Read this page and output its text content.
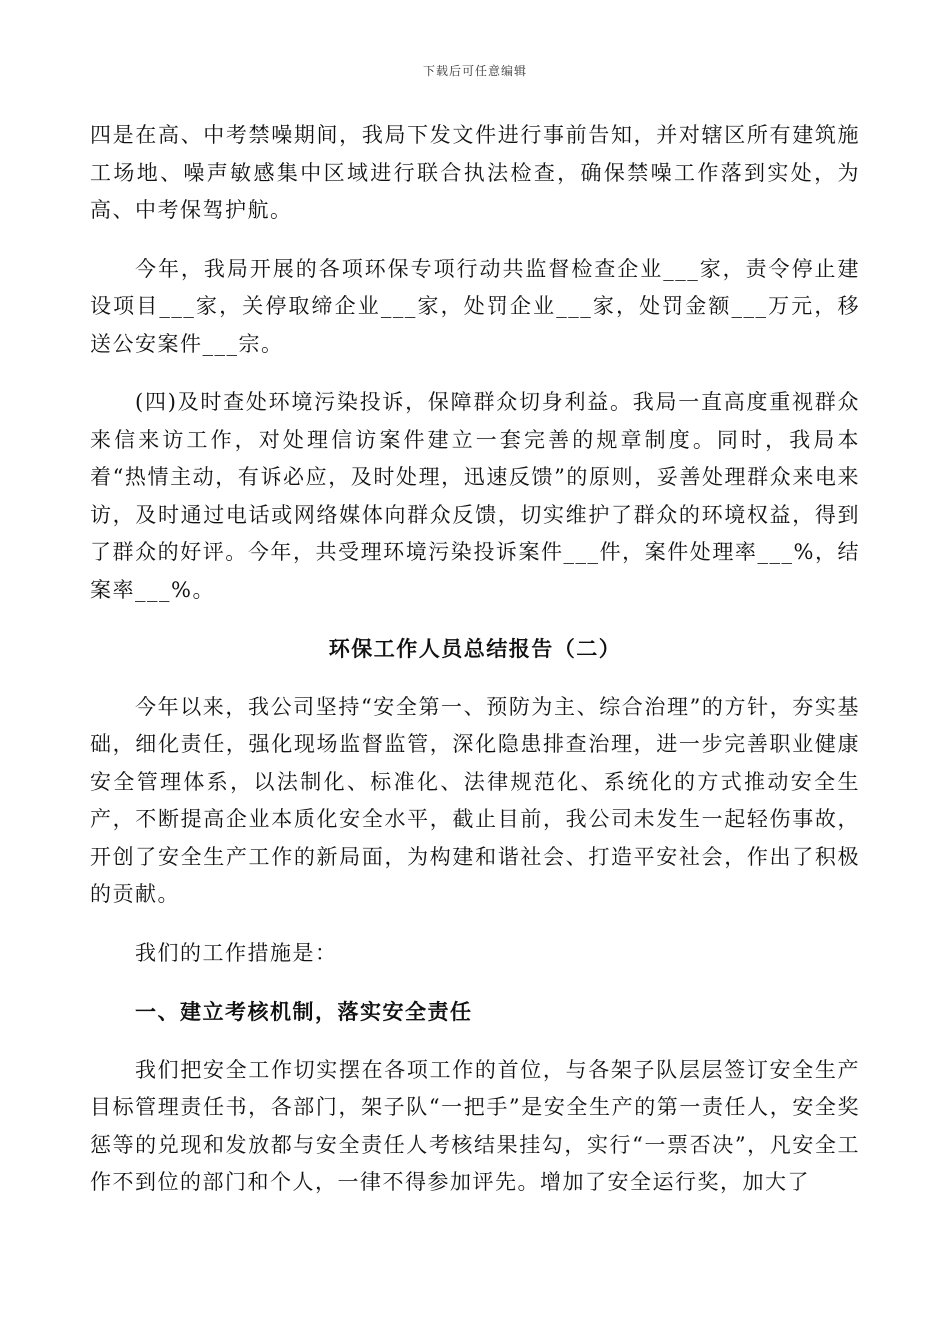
下载后可任意编辑

四是在高、中考禁噪期间，我局下发文件进行事前告知，并对辖区所有建筑施工场地、噪声敏感集中区域进行联合执法检查，确保禁噪工作落到实处，为高、中考保驾护航。

今年，我局开展的各项环保专项行动共监督检查企业___家，责令停止建设项目___家，关停取缔企业___家，处罚企业___家，处罚金额___万元，移送公安案件___宗。

(四)及时查处环境污染投诉，保障群众切身利益。我局一直高度重视群众来信来访工作，对处理信访案件建立一套完善的规章制度。同时，我局本着“热情主动，有诉必应，及时处理，迅速反馈”的原则，妥善处理群众来电来访，及时通过电话或网络媒体向群众反馈，切实维护了群众的环境权益，得到了群众的好评。今年，共受理环境污染投诉案件___件，案件处理率___%，结案率___%。

环保工作人员总结报告（二）

今年以来，我公司坚持“安全第一、预防为主、综合治理”的方针，夯实基础，细化责任，强化现场监督监管，深化隐患排查治理，进一步完善职业健康安全管理体系，以法制化、标准化、法律规范化、系统化的方式推动安全生产，不断提高企业本质化安全水平，截止目前，我公司未发生一起轻伤事故，开创了安全生产工作的新局面，为构建和谐社会、打造平安社会，作出了积极的贡献。

我们的工作措施是：

一、建立考核机制，落实安全责任

我们把安全工作切实摆在各项工作的首位，与各架子队层层签订安全生产目标管理责任书，各部门，架子队“一把手”是安全生产的第一责任人，安全奖惩等的兑现和发放都与安全责任人考核结果挂勾，实行“一票否决”，凡安全工作不到位的部门和个人，一律不得参加评先。增加了安全运行奖，加大了
